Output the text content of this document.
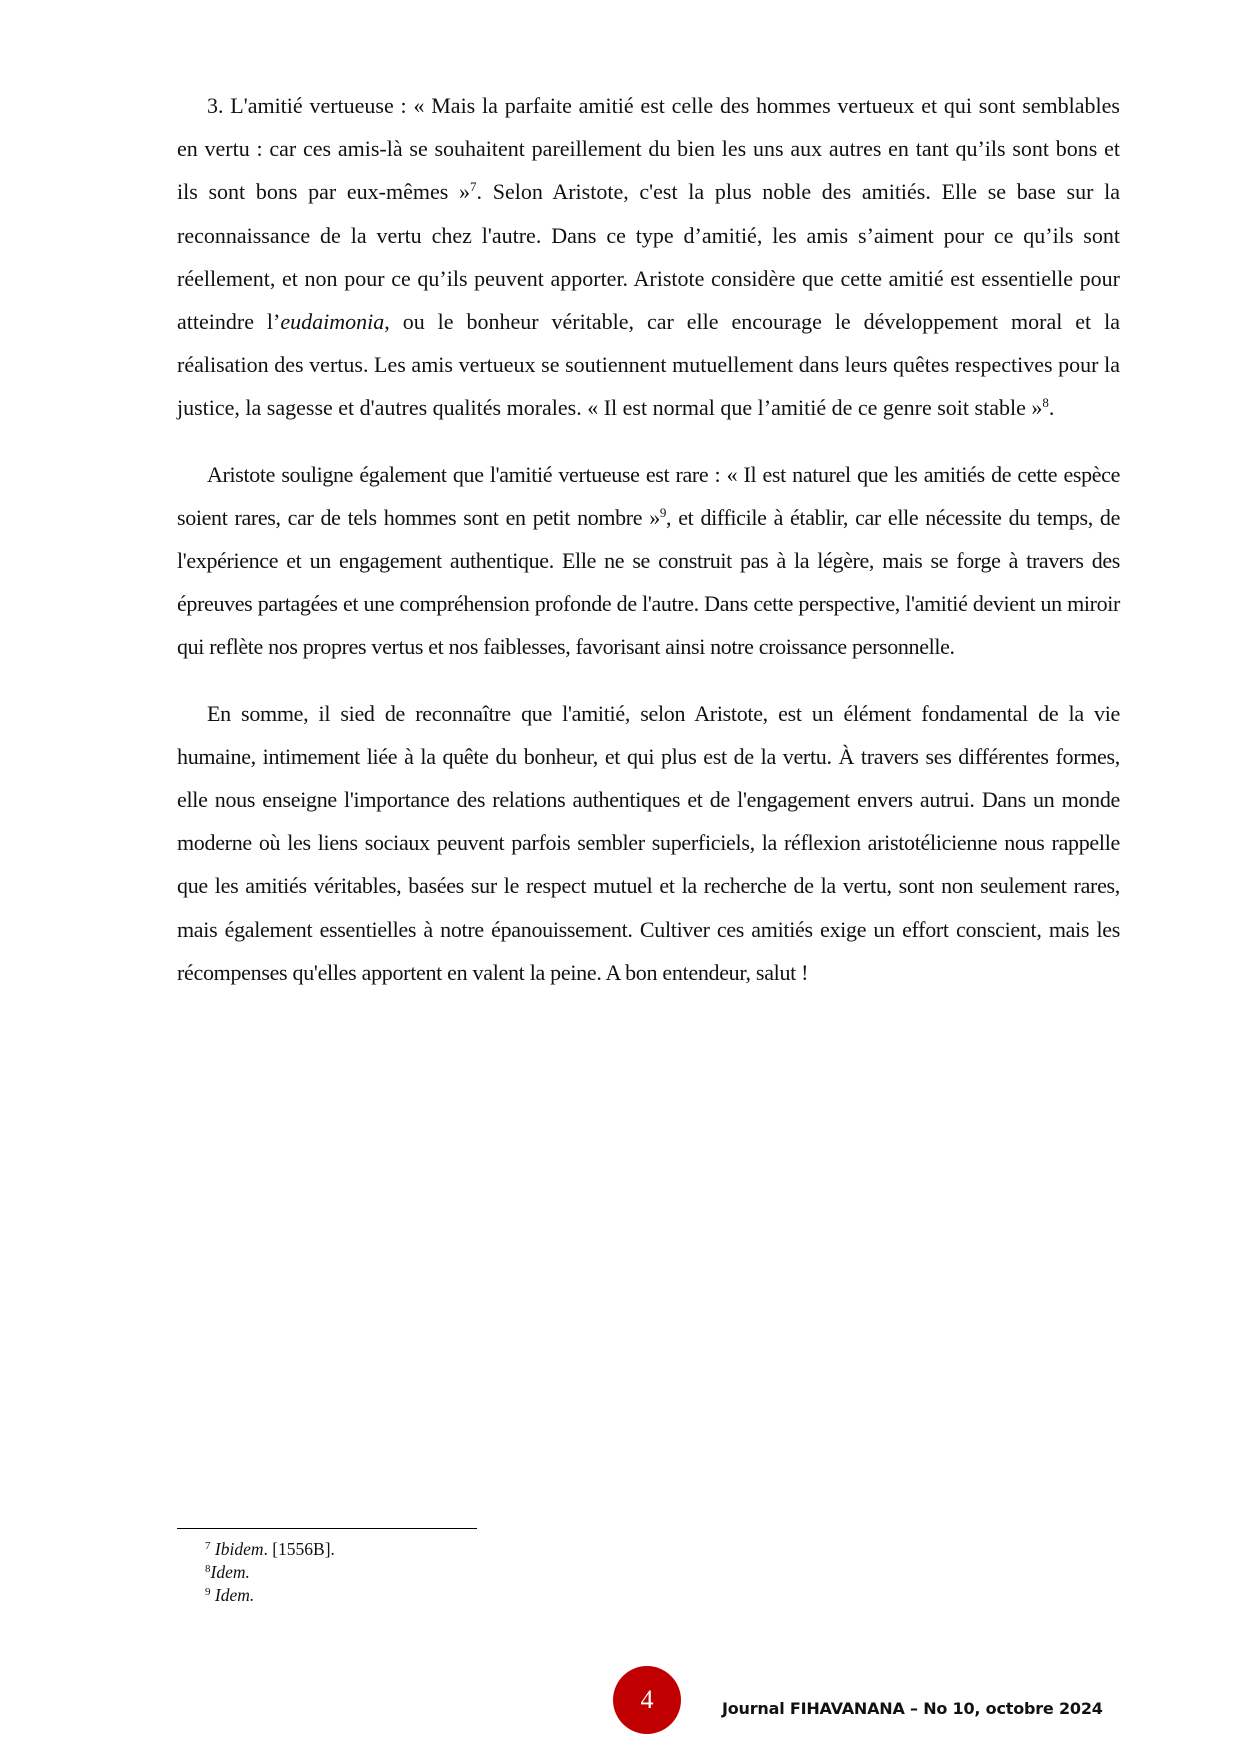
3. L'amitié vertueuse : « Mais la parfaite amitié est celle des hommes vertueux et qui sont semblables en vertu : car ces amis-là se souhaitent pareillement du bien les uns aux autres en tant qu’ils sont bons et ils sont bons par eux-mêmes »$^7$. Selon Aristote, c'est la plus noble des amitiés. Elle se base sur la reconnaissance de la vertu chez l'autre. Dans ce type d’amitié, les amis s’aiment pour ce qu’ils sont réellement, et non pour ce qu’ils peuvent apporter. Aristote considère que cette amitié est essentielle pour atteindre l’eudaimonia, ou le bonheur véritable, car elle encourage le développement moral et la réalisation des vertus. Les amis vertueux se soutiennent mutuellement dans leurs quêtes respectives pour la justice, la sagesse et d'autres qualités morales. « Il est normal que l’amitié de ce genre soit stable »$^8$.

Aristote souligne également que l'amitié vertueuse est rare : « Il est naturel que les amitiés de cette espèce soient rares, car de tels hommes sont en petit nombre »$^9$, et difficile à établir, car elle nécessite du temps, de l'expérience et un engagement authentique. Elle ne se construit pas à la légère, mais se forge à travers des épreuves partagées et une compréhension profonde de l'autre. Dans cette perspective, l'amitié devient un miroir qui reflète nos propres vertus et nos faiblesses, favorisant ainsi notre croissance personnelle.

En somme, il sied de reconnaître que l'amitié, selon Aristote, est un élément fondamental de la vie humaine, intimement liée à la quête du bonheur, et qui plus est de la vertu. À travers ses différentes formes, elle nous enseigne l'importance des relations authentiques et de l'engagement envers autrui. Dans un monde moderne où les liens sociaux peuvent parfois sembler superficiels, la réflexion aristotélicienne nous rappelle que les amitiés véritables, basées sur le respect mutuel et la recherche de la vertu, sont non seulement rares, mais également essentielles à notre épanouissement. Cultiver ces amitiés exige un effort conscient, mais les récompenses qu'elles apportent en valent la peine. A bon entendeur, salut !

$^7$ Ibidem. [1556B].
$^8$Idem.
$^9$ Idem.
4	Journal FIHAVANANA – No 10, octobre 2024
